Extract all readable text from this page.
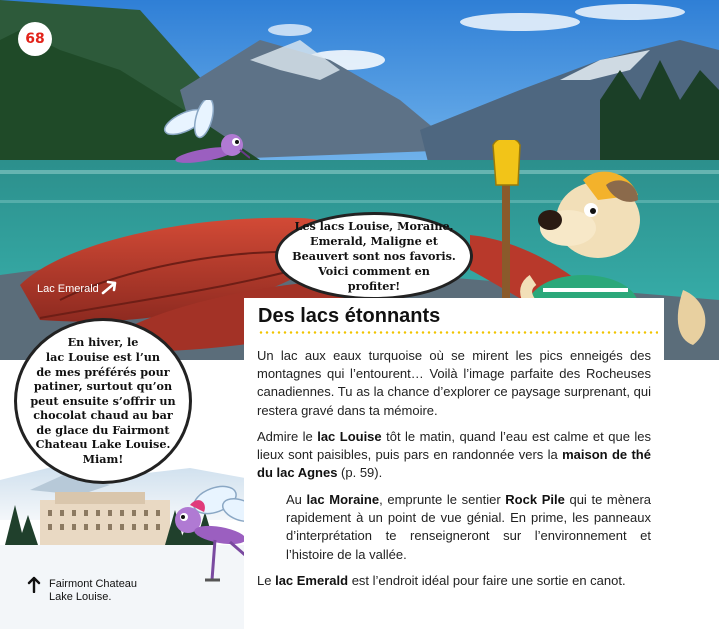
68
Les lacs Louise, Moraine,
Emerald, Maligne et
Beauvert sont nos favoris.
Voici comment en profiter!
En hiver, le
lac Louise est l’un
de mes préférés pour
patiner, surtout qu’on
peut ensuite s’offrir un
chocolat chaud au bar
de glace du Fairmont
Chateau Lake Louise.
Miam!
Lac Emerald
Fairmont Chateau
Lake Louise.
Des lacs étonnants

Un lac aux eaux turquoise où se mirent les pics enneigés des montagnes qui l’entourent… Voilà l’image parfaite des Rocheuses canadiennes. Tu as la chance d’explorer ce paysage surprenant, qui restera gravé dans ta mémoire.

Admire le lac Louise tôt le matin, quand l’eau est calme et que les lieux sont paisibles, puis pars en randonnée vers la maison de thé du lac Agnes (p. 59).

Au lac Moraine, emprunte le sentier Rock Pile qui te mènera rapidement à un point de vue génial. En prime, les panneaux d’interprétation te renseigneront sur l’environnement et l’histoire de la vallée.

Le lac Emerald est l’endroit idéal pour faire une sortie en canot.
